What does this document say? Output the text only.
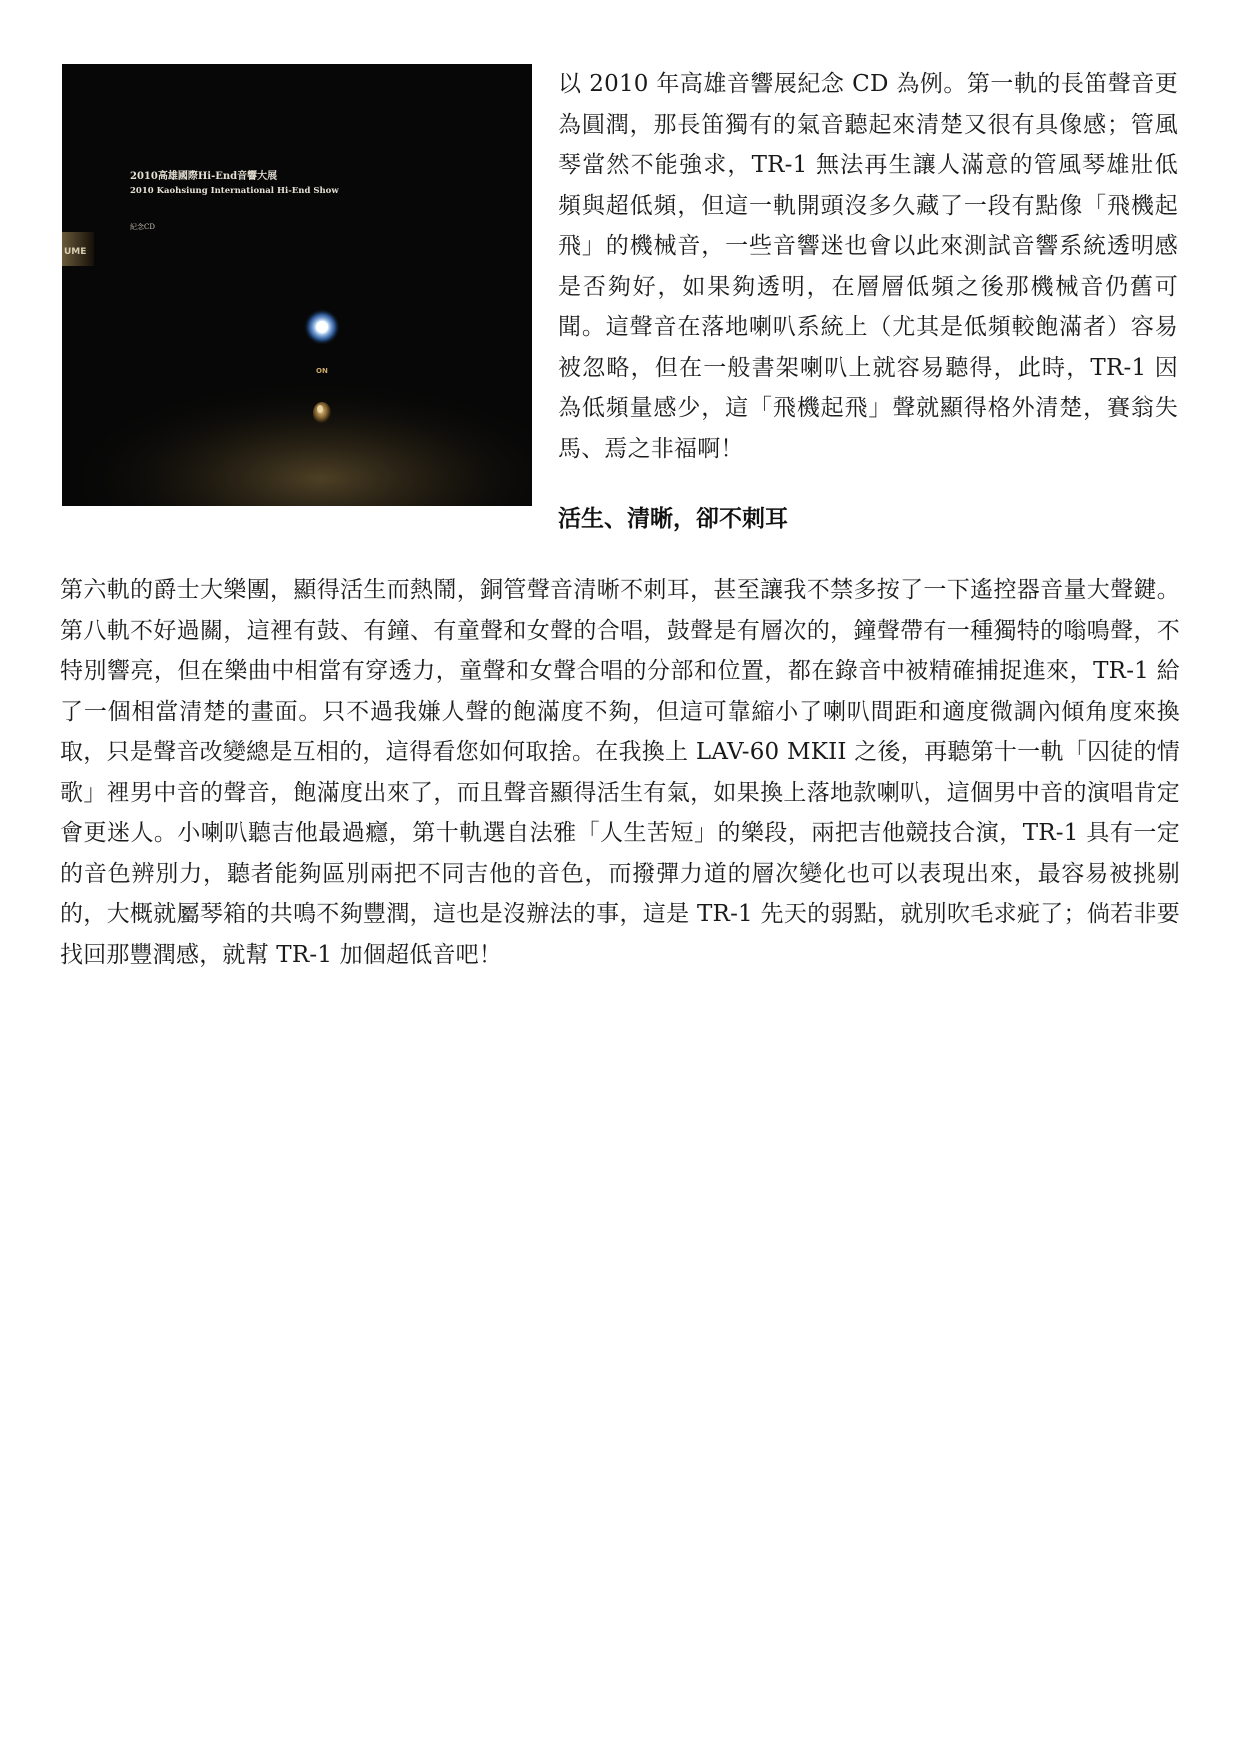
UME
2010高雄國際Hi-End音響大展
2010 Kaohsiung International Hi-End Show
紀念CD
ON

以 2010 年高雄音響展紀念 CD 為例。第一軌的長笛聲音更為圓潤，那長笛獨有的氣音聽起來清楚又很有具像感；管風琴當然不能強求，TR-1 無法再生讓人滿意的管風琴雄壯低頻與超低頻，但這一軌開頭沒多久藏了一段有點像「飛機起飛」的機械音，一些音響迷也會以此來測試音響系統透明感是否夠好，如果夠透明，在層層低頻之後那機械音仍舊可聞。這聲音在落地喇叭系統上（尤其是低頻較飽滿者）容易被忽略，但在一般書架喇叭上就容易聽得，此時，TR-1 因為低頻量感少，這「飛機起飛」聲就顯得格外清楚，賽翁失馬、焉之非福啊！

活生、清晰，卻不刺耳

第六軌的爵士大樂團，顯得活生而熱鬧，銅管聲音清晰不刺耳，甚至讓我不禁多按了一下遙控器音量大聲鍵。第八軌不好過關，這裡有鼓、有鐘、有童聲和女聲的合唱，鼓聲是有層次的，鐘聲帶有一種獨特的嗡鳴聲，不特別響亮，但在樂曲中相當有穿透力，童聲和女聲合唱的分部和位置，都在錄音中被精確捕捉進來，TR-1 給了一個相當清楚的畫面。只不過我嫌人聲的飽滿度不夠，但這可靠縮小了喇叭間距和適度微調內傾角度來換取，只是聲音改變總是互相的，這得看您如何取捨。在我換上 LAV-60 MKII 之後，再聽第十一軌「囚徒的情歌」裡男中音的聲音，飽滿度出來了，而且聲音顯得活生有氣，如果換上落地款喇叭，這個男中音的演唱肯定會更迷人。小喇叭聽吉他最過癮，第十軌選自法雅「人生苦短」的樂段，兩把吉他競技合演，TR-1 具有一定的音色辨別力，聽者能夠區別兩把不同吉他的音色，而撥彈力道的層次變化也可以表現出來，最容易被挑剔的，大概就屬琴箱的共鳴不夠豐潤，這也是沒辦法的事，這是 TR-1 先天的弱點，就別吹毛求疵了；倘若非要找回那豐潤感，就幫 TR-1 加個超低音吧！
